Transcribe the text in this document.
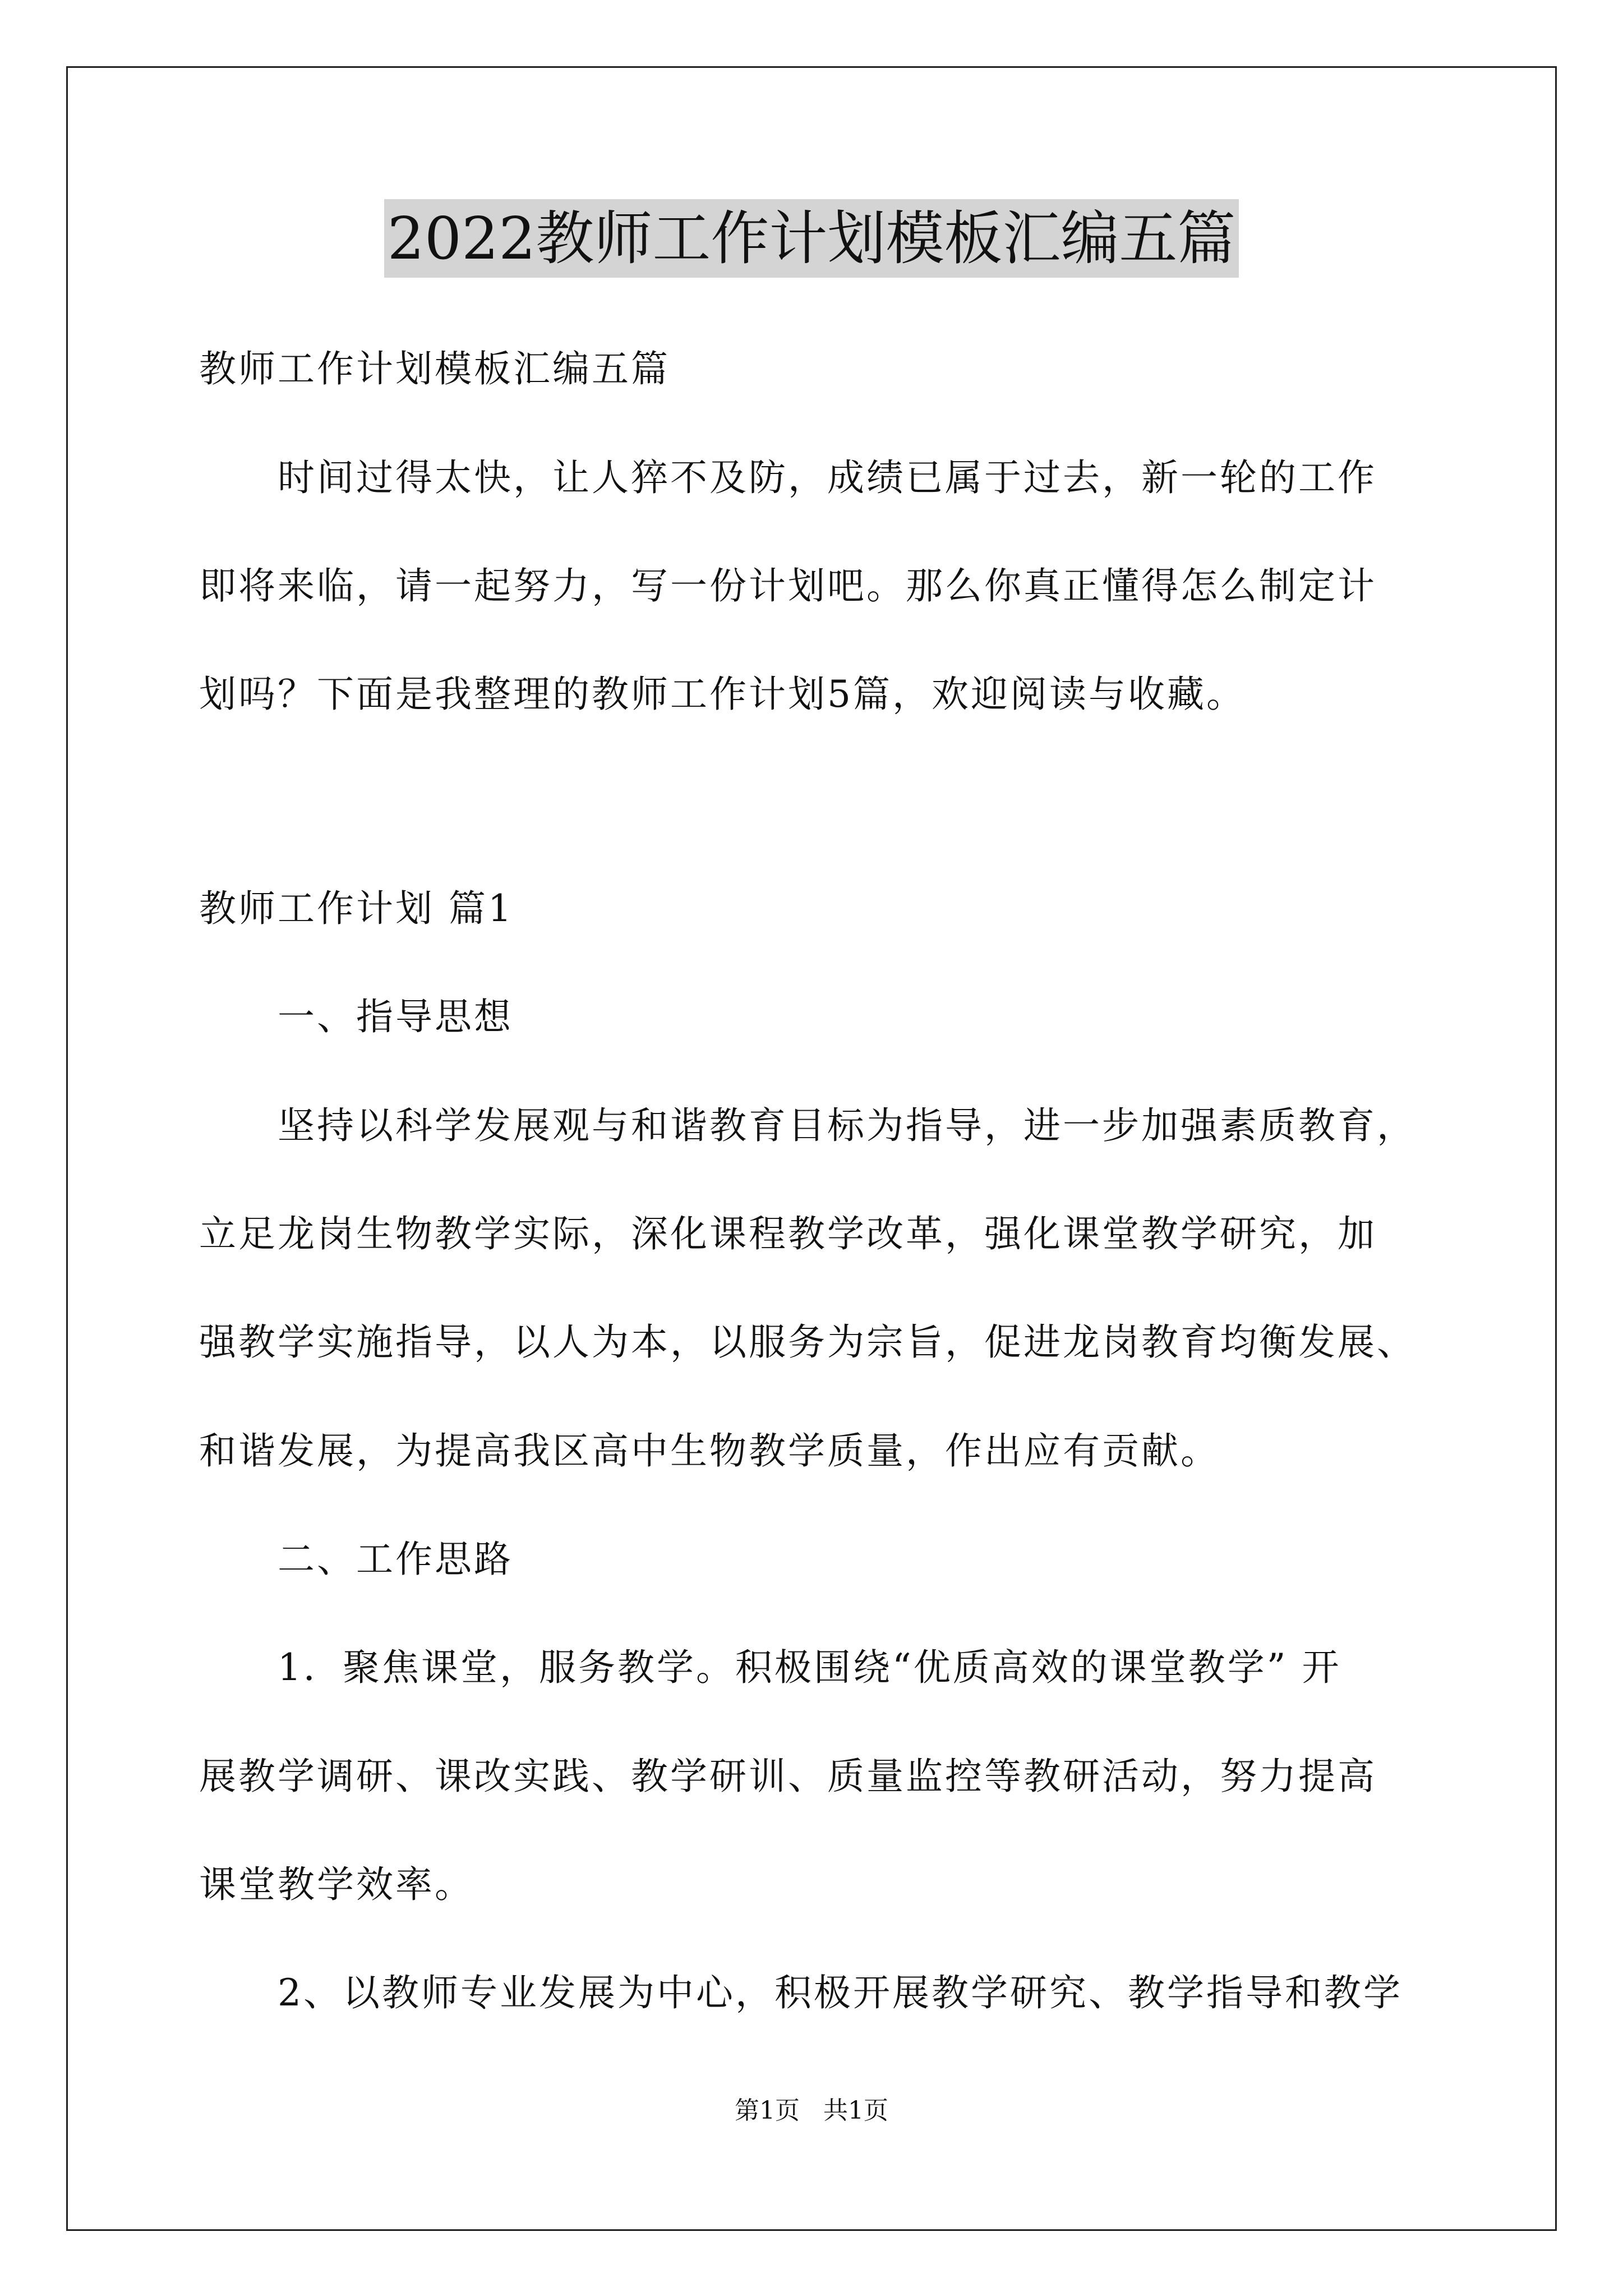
2022教师工作计划模板汇编五篇
教师工作计划模板汇编五篇
时间过得太快，让人猝不及防，成绩已属于过去，新一轮的工作
即将来临，请一起努力，写一份计划吧。那么你真正懂得怎么制定计
划吗？下面是我整理的教师工作计划5篇，欢迎阅读与收藏。
教师工作计划 篇1
一、指导思想
坚持以科学发展观与和谐教育目标为指导，进一步加强素质教育，
立足龙岗生物教学实际，深化课程教学改革，强化课堂教学研究，加
强教学实施指导，以人为本，以服务为宗旨，促进龙岗教育均衡发展、
和谐发展，为提高我区高中生物教学质量，作出应有贡献。
二、工作思路
1．聚焦课堂，服务教学。积极围绕“优质高效的课堂教学” 开
展教学调研、课改实践、教学研训、质量监控等教研活动，努力提高
课堂教学效率。
2、以教师专业发展为中心，积极开展教学研究、教学指导和教学
第1页   共1页
